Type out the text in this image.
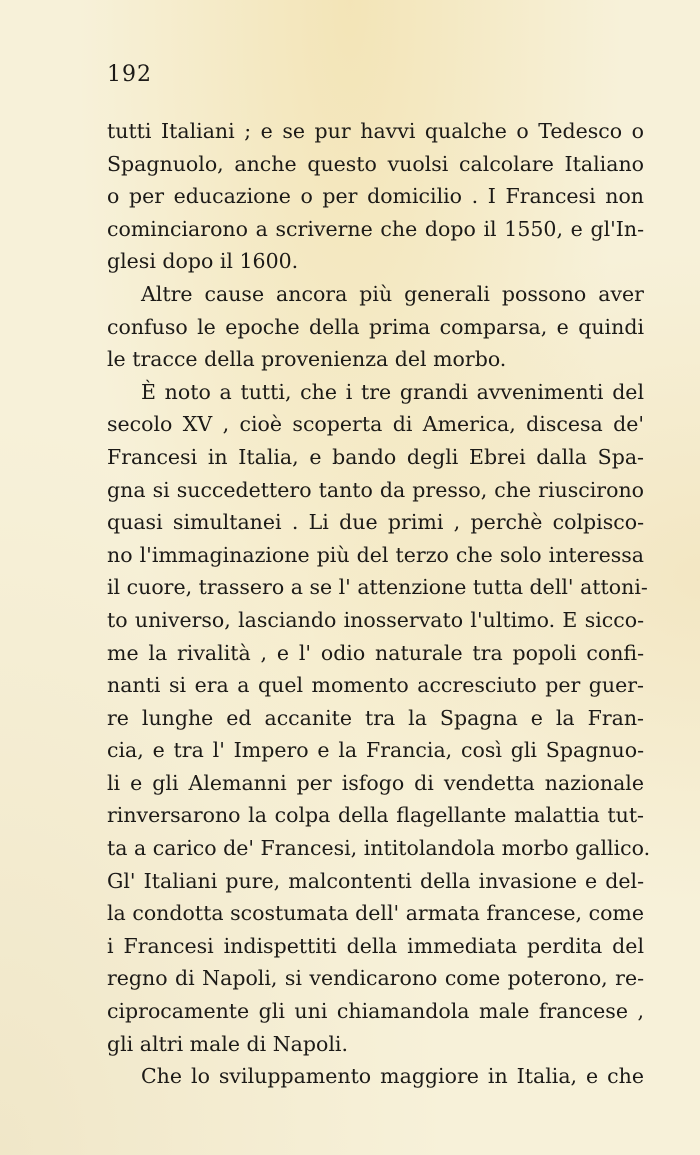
192

tutti Italiani ; e se pur havvi qualche o Tedesco o

Spagnuolo, anche questo vuolsi calcolare Italiano

o per educazione o per domicilio . I Francesi non

cominciarono a scriverne che dopo il 1550, e gl'In-

glesi dopo il 1600.

Altre cause ancora più generali possono aver

confuso le epoche della prima comparsa, e quindi

le tracce della provenienza del morbo.

È noto a tutti, che i tre grandi avvenimenti del

secolo XV , cioè scoperta di America, discesa de'

Francesi in Italia, e bando degli Ebrei dalla Spa-

gna si succedettero tanto da presso, che riuscirono

quasi simultanei . Li due primi , perchè colpisco-

no l'immaginazione più del terzo che solo interessa

il cuore, trassero a se l' attenzione tutta dell' attoni-

to universo, lasciando inosservato l'ultimo. E sicco-

me la rivalità , e l' odio naturale tra popoli confi-

nanti si era a quel momento accresciuto per guer-

re lunghe ed accanite tra la Spagna e la Fran-

cia, e tra l' Impero e la Francia, così gli Spagnuo-

li e gli Alemanni per isfogo di vendetta nazionale

rinversarono la colpa della flagellante malattia tut-

ta a carico de' Francesi, intitolandola morbo gallico.

Gl' Italiani pure, malcontenti della invasione e del-

la condotta scostumata dell' armata francese, come

i Francesi indispettiti della immediata perdita del

regno di Napoli, si vendicarono come poterono, re-

ciprocamente gli uni chiamandola male francese ,

gli altri male di Napoli.

Che lo sviluppamento maggiore in Italia, e che
